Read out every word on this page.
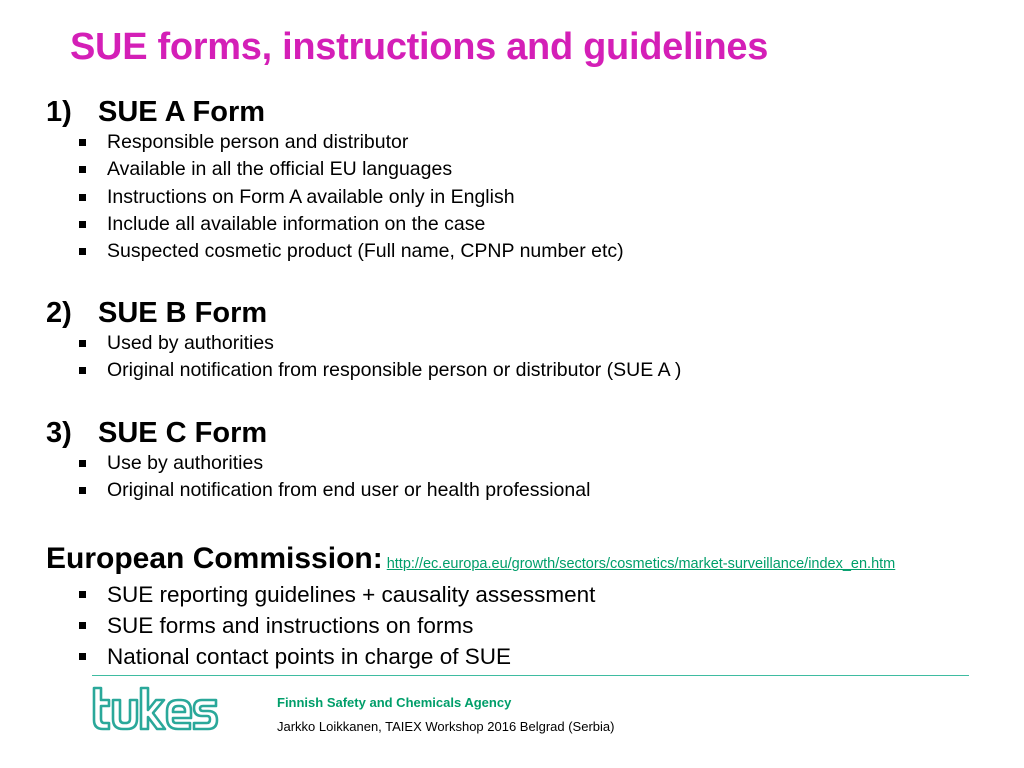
SUE forms, instructions and guidelines
1) SUE A Form
Responsible person and distributor
Available in all the official EU languages
Instructions on Form A available only in English
Include all available information on the case
Suspected cosmetic product (Full name, CPNP number etc)
2) SUE B Form
Used by authorities
Original notification from responsible person or distributor (SUE A )
3) SUE C Form
Use by authorities
Original notification from end user or health professional
European Commission: http://ec.europa.eu/growth/sectors/cosmetics/market-surveillance/index_en.htm
SUE reporting guidelines + causality assessment
SUE forms and instructions on forms
National contact points in charge of SUE
tukes
Finnish Safety and Chemicals Agency
Jarkko Loikkanen, TAIEX Workshop 2016 Belgrad (Serbia)
